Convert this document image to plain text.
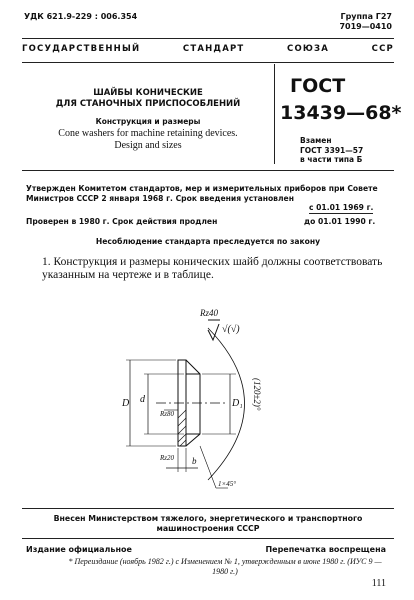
УДК 621.9-229 : 006.354	Группа Г27
7019—0410
ГОСУДАРСТВЕННЫЙ СТАНДАРТ СОЮЗА ССР
ШАЙБЫ КОНИЧЕСКИЕ
ДЛЯ СТАНОЧНЫХ ПРИСПОСОБЛЕНИЙ
Конструкция и размеры
Cone washers for machine retaining devices.
Design and sizes
ГОСТ
13439—68*
Взамен
ГОСТ 3391—57
в части типа Б
Утвержден Комитетом стандартов, мер и измерительных приборов при Совете Министров СССР 2 января 1968 г. Срок введения установлен
с 01.01 1969 г.
Проверен в 1980 г. Срок действия продлен	до 01.01 1990 г.
Несоблюдение стандарта преследуется по закону
1. Конструкция и размеры конических шайб должны соответствовать указанным на чертеже и в таблице.
Rz40
√(√)
D d	D₁
Rz80
Rz20 b
(120±2)°
1×45°
Внесен Министерством тяжелого, энергетического и транспортного машиностроения СССР
Издание официальное	Перепечатка воспрещена
* Переиздание (ноябрь 1982 г.) с Изменением № 1, утвержденным в июне 1980 г. (ИУС 9 — 1980 г.)
111
